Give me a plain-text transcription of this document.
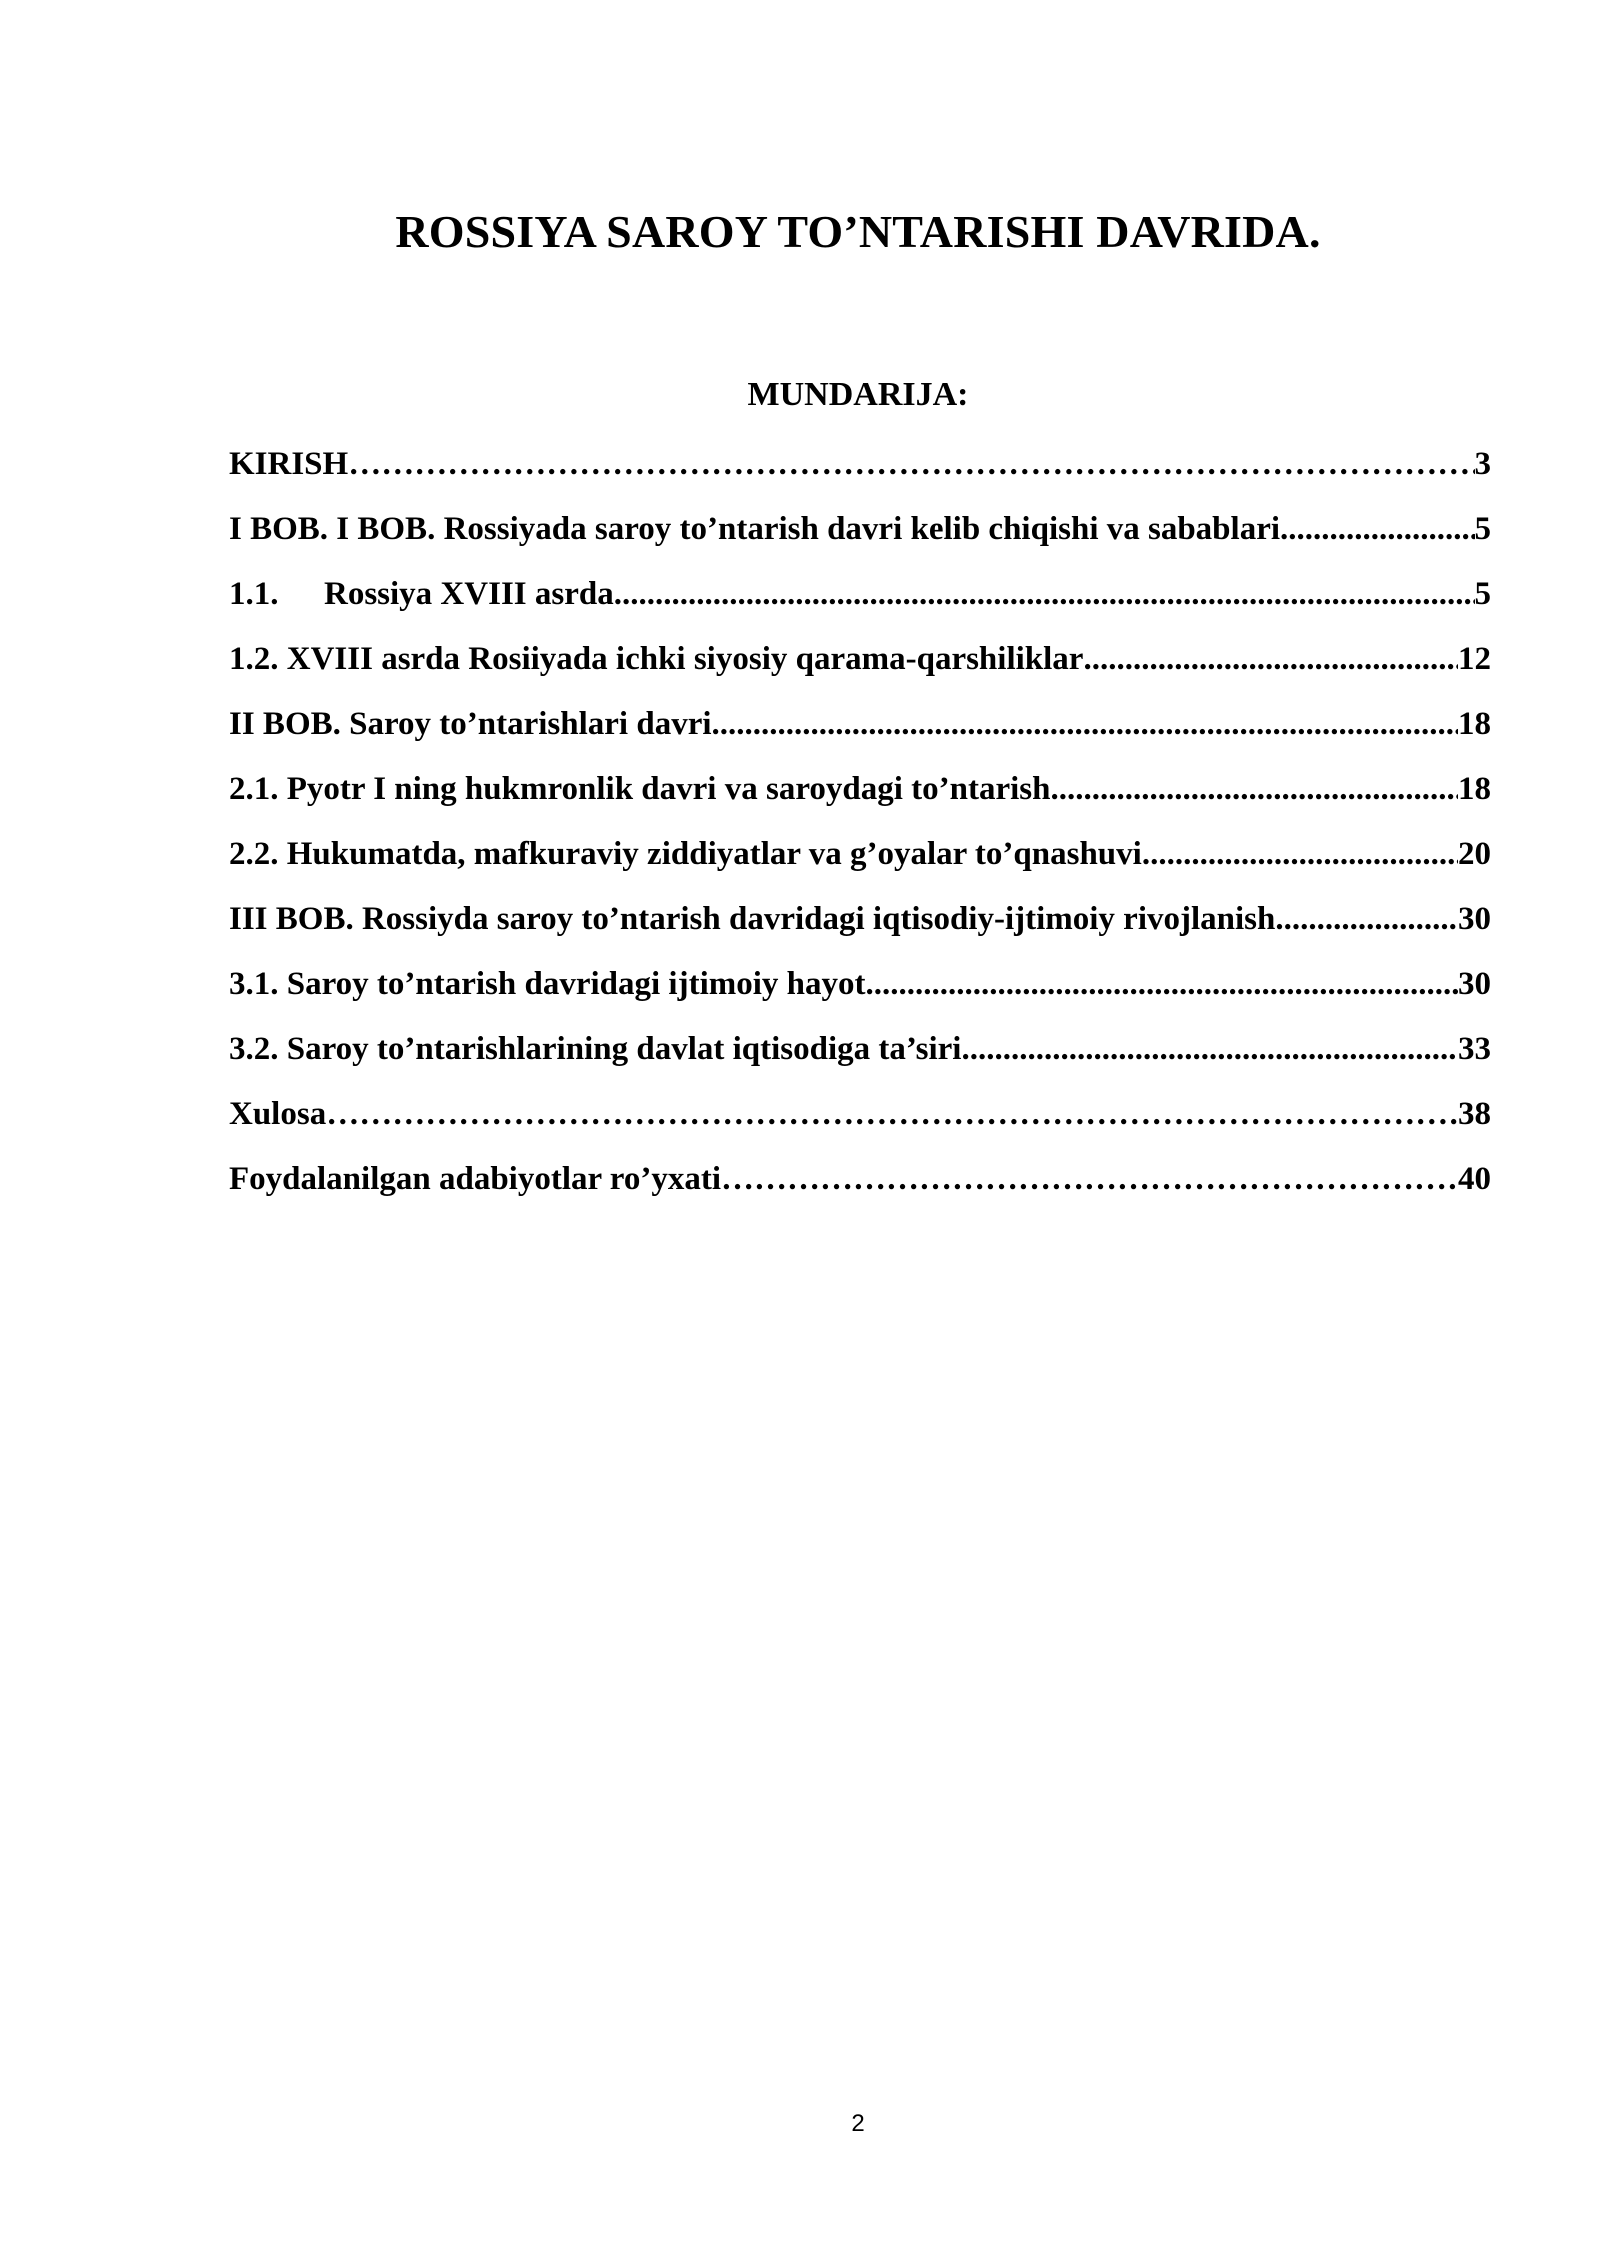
ROSSIYA SAROY TO’NTARISHI DAVRIDA.
MUNDARIJA:
KIRISH ………………………………………………………………………………………………………………………………………………………………………	3
I BOB. I BOB. Rossiyada saroy to’ntarish davri kelib chiqishi va sabablari .....	5
1.1. Rossiya XVIII asrda .....	5
1.2. XVIII asrda Rosiiyada ichki siyosiy qarama-qarshiliklar .....	12
II BOB. Saroy to’ntarishlari davri .....	18
2.1. Pyotr I ning hukmronlik davri va saroydagi to’ntarish .....	18
2.2. Hukumatda, mafkuraviy ziddiyatlar va g’oyalar to’qnashuvi .....	20
III BOB. Rossiyda saroy to’ntarish davridagi iqtisodiy-ijtimoiy rivojlanish .....	30
3.1. Saroy to’ntarish davridagi ijtimoiy hayot .....	30
3.2. Saroy to’ntarishlarining davlat iqtisodiga ta’siri .....	33
Xulosa ………………………………………………………………………………………………………………………………………………………………………	38
Foydalanilgan adabiyotlar ro’yxati ………………………………………………………………………………………………………………………………………………………………………	40
2
